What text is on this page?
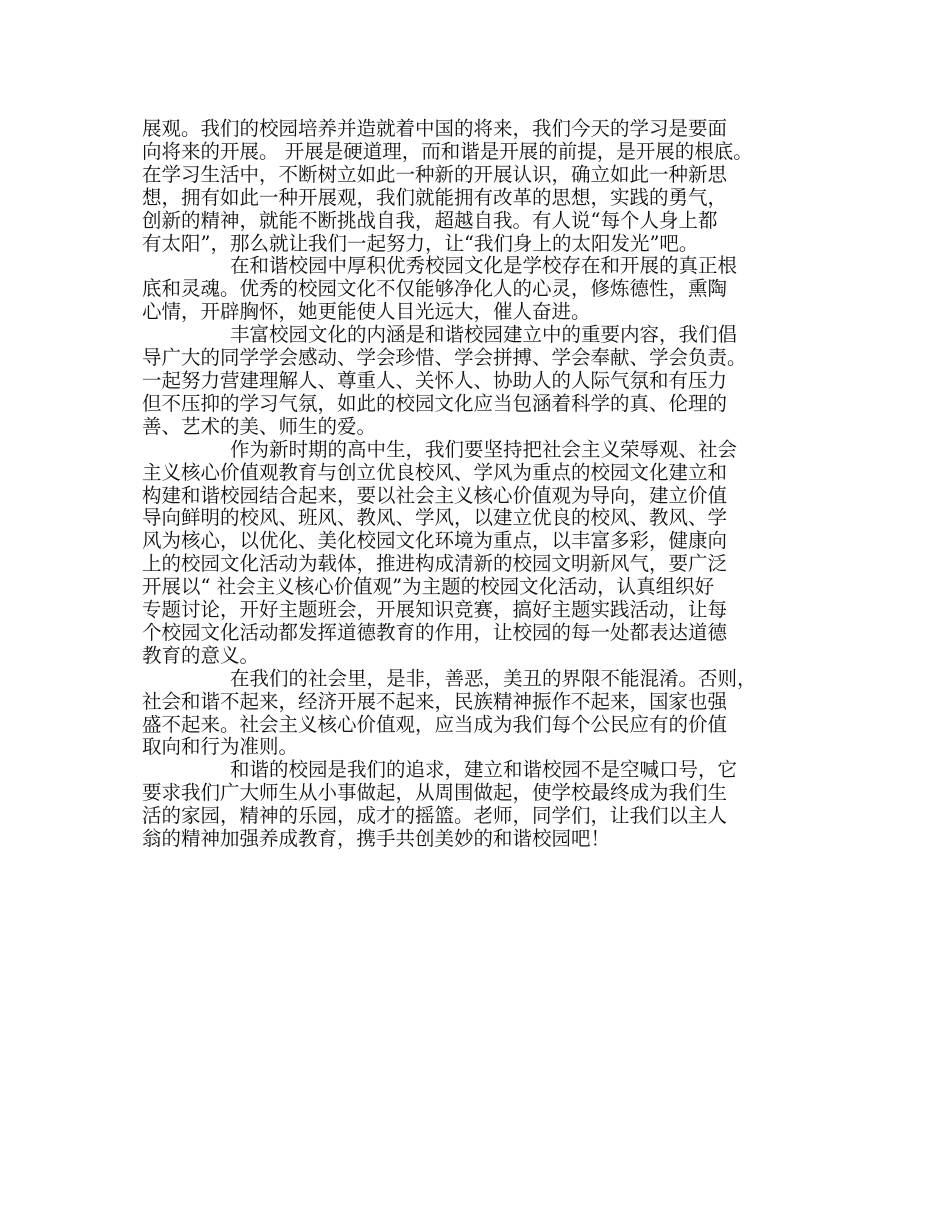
展观。我们的校园培养并造就着中国的将来，我们今天的学习是要面
向将来的开展。 开展是硬道理，而和谐是开展的前提，是开展的根底。
在学习生活中，不断树立如此一种新的开展认识，确立如此一种新思
想，拥有如此一种开展观，我们就能拥有改革的思想，实践的勇气，
创新的精神，就能不断挑战自我，超越自我。有人说“每个人身上都
有太阳”，那么就让我们一起努力，让“我们身上的太阳发光”吧。
在和谐校园中厚积优秀校园文化是学校存在和开展的真正根
底和灵魂。优秀的校园文化不仅能够净化人的心灵，修炼德性，熏陶
心情，开辟胸怀，她更能使人目光远大，催人奋进。
丰富校园文化的内涵是和谐校园建立中的重要内容，我们倡
导广大的同学学会感动、学会珍惜、学会拼搏、学会奉献、学会负责。
一起努力营建理解人、尊重人、关怀人、协助人的人际气氛和有压力
但不压抑的学习气氛，如此的校园文化应当包涵着科学的真、伦理的
善、艺术的美、师生的爱。
作为新时期的高中生，我们要坚持把社会主义荣辱观、社会
主义核心价值观教育与创立优良校风、学风为重点的校园文化建立和
构建和谐校园结合起来，要以社会主义核心价值观为导向，建立价值
导向鲜明的校风、班风、教风、学风，以建立优良的校风、教风、学
风为核心，以优化、美化校园文化环境为重点，以丰富多彩，健康向
上的校园文化活动为载体，推进构成清新的校园文明新风气，要广泛
开展以“ 社会主义核心价值观”为主题的校园文化活动，认真组织好
专题讨论，开好主题班会，开展知识竞赛，搞好主题实践活动，让每
个校园文化活动都发挥道德教育的作用，让校园的每一处都表达道德
教育的意义。
在我们的社会里，是非，善恶，美丑的界限不能混淆。否则，
社会和谐不起来，经济开展不起来，民族精神振作不起来，国家也强
盛不起来。社会主义核心价值观，应当成为我们每个公民应有的价值
取向和行为准则。
和谐的校园是我们的追求，建立和谐校园不是空喊口号，它
要求我们广大师生从小事做起，从周围做起，使学校最终成为我们生
活的家园，精神的乐园，成才的摇篮。老师，同学们，让我们以主人
翁的精神加强养成教育，携手共创美妙的和谐校园吧！
